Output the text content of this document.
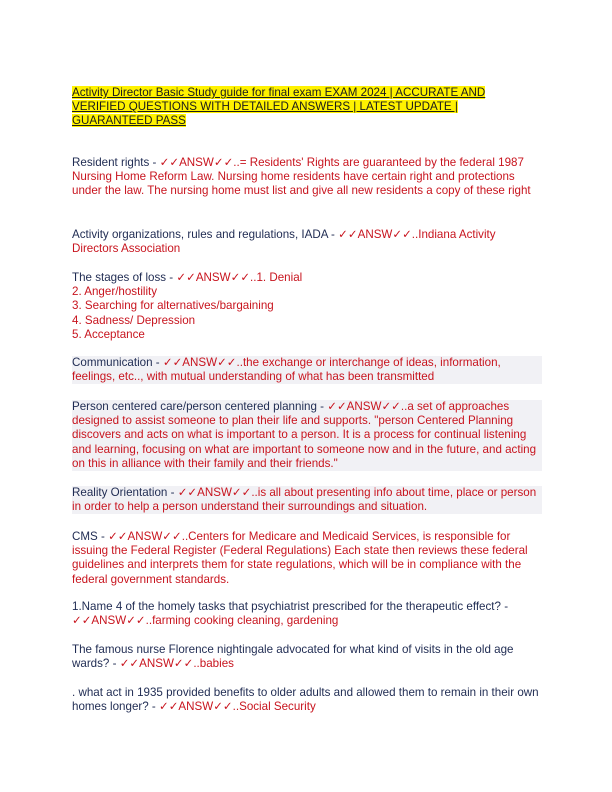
Activity Director Basic Study guide for final exam EXAM 2024 | ACCURATE AND VERIFIED QUESTIONS WITH DETAILED ANSWERS | LATEST UPDATE | GUARANTEED PASS

Resident rights - ✓✓ANSW✓✓..= Residents' Rights are guaranteed by the federal 1987 Nursing Home Reform Law. Nursing home residents have certain right and protections under the law. The nursing home must list and give all new residents a copy of these right

Activity organizations, rules and regulations, IADA - ✓✓ANSW✓✓..Indiana Activity Directors Association

The stages of loss - ✓✓ANSW✓✓..1. Denial
2. Anger/hostility
3. Searching for alternatives/bargaining
4. Sadness/ Depression
5. Acceptance

Communication - ✓✓ANSW✓✓..the exchange or interchange of ideas, information, feelings, etc.., with mutual understanding of what has been transmitted

Person centered care/person centered planning - ✓✓ANSW✓✓..a set of approaches designed to assist someone to plan their life and supports. "person Centered Planning discovers and acts on what is important to a person. It is a process for continual listening and learning, focusing on what are important to someone now and in the future, and acting on this in alliance with their family and their friends."

Reality Orientation - ✓✓ANSW✓✓..is all about presenting info about time, place or person in order to help a person understand their surroundings and situation.

CMS - ✓✓ANSW✓✓..Centers for Medicare and Medicaid Services, is responsible for issuing the Federal Register (Federal Regulations) Each state then reviews these federal guidelines and interprets them for state regulations, which will be in compliance with the federal government standards.

1.Name 4 of the homely tasks that psychiatrist prescribed for the therapeutic effect? - ✓✓ANSW✓✓..farming cooking cleaning, gardening

The famous nurse Florence nightingale advocated for what kind of visits in the old age wards? - ✓✓ANSW✓✓..babies

. what act in 1935 provided benefits to older adults and allowed them to remain in their own homes longer? - ✓✓ANSW✓✓..Social Security
